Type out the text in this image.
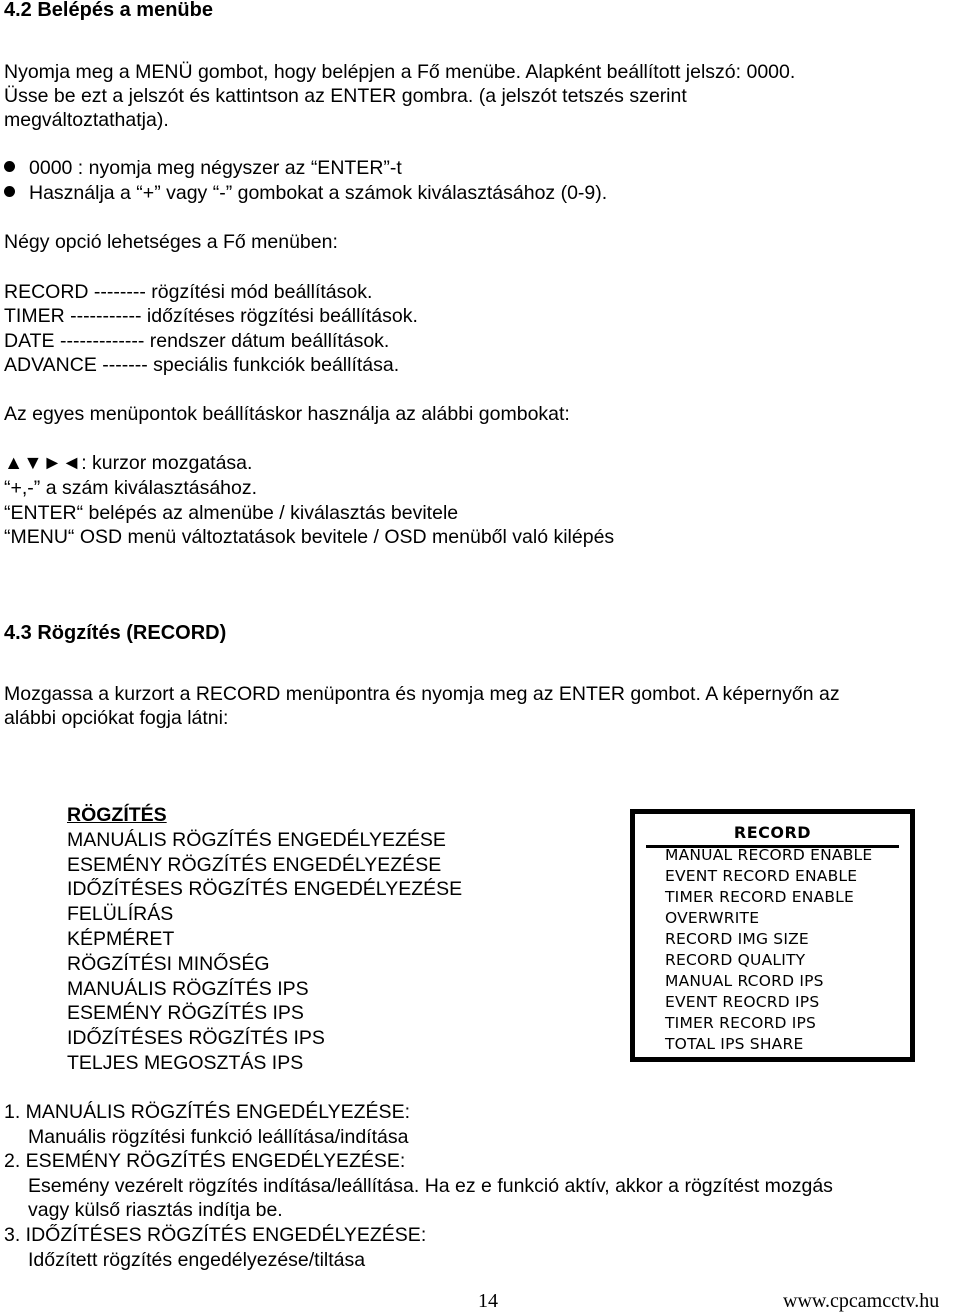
4.2 Belépés a menübe
Nyomja meg a MENÜ gombot, hogy belépjen a Fő menübe. Alapként beállított jelszó: 0000.
Üsse be ezt a jelszót és kattintson az ENTER gombra. (a jelszót tetszés szerint
megváltoztathatja).
0000 : nyomja meg négyszer az “ENTER”-t
Használja a “+” vagy “-” gombokat a számok kiválasztásához (0-9).
Négy opció lehetséges a Fő menüben:
RECORD -------- rögzítési mód beállítások.
TIMER ----------- időzítéses rögzítési beállítások.
DATE ------------- rendszer dátum beállítások.
ADVANCE ------- speciális funkciók beállítása.
Az egyes menüpontok beállításkor használja az alábbi gombokat:
▲▼►◄: kurzor mozgatása.
“+,-” a szám kiválasztásához.
“ENTER“ belépés az almenübe / kiválasztás bevitele
“MENU“ OSD menü változtatások bevitele / OSD menüből való kilépés
4.3 Rögzítés (RECORD)
Mozgassa a kurzort a RECORD menüpontra és nyomja meg az ENTER gombot. A képernyőn az
alábbi opciókat fogja látni:
RÖGZÍTÉS
MANUÁLIS RÖGZÍTÉS ENGEDÉLYEZÉSE
ESEMÉNY RÖGZÍTÉS ENGEDÉLYEZÉSE
IDŐZÍTÉSES RÖGZÍTÉS ENGEDÉLYEZÉSE
FELÜLÍRÁS
KÉPMÉRET
RÖGZÍTÉSI MINŐSÉG
MANUÁLIS RÖGZÍTÉS IPS
ESEMÉNY RÖGZÍTÉS IPS
IDŐZÍTÉSES RÖGZÍTÉS IPS
TELJES MEGOSZTÁS IPS
RECORD
MANUAL RECORD ENABLE
EVENT RECORD ENABLE
TIMER RECORD ENABLE
OVERWRITE
RECORD IMG SIZE
RECORD QUALITY
MANUAL RCORD IPS
EVENT REOCRD IPS
TIMER RECORD IPS
TOTAL IPS SHARE
1. MANUÁLIS RÖGZÍTÉS ENGEDÉLYEZÉSE:
Manuális rögzítési funkció leállítása/indítása
2. ESEMÉNY RÖGZÍTÉS ENGEDÉLYEZÉSE:
Esemény vezérelt rögzítés indítása/leállítása. Ha ez e funkció aktív, akkor a rögzítést mozgás
vagy külső riasztás indítja be.
3. IDŐZÍTÉSES RÖGZÍTÉS ENGEDÉLYEZÉSE:
Időzített rögzítés engedélyezése/tiltása
14	www.cpcamcctv.hu
